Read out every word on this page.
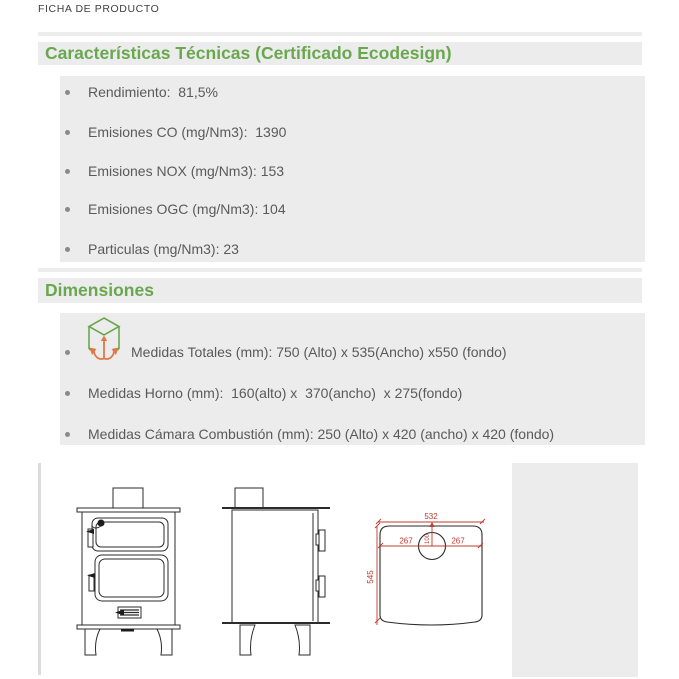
FICHA DE PRODUCTO
Características Técnicas (Certificado Ecodesign)
Rendimiento:  81,5%
Emisiones CO (mg/Nm3):  1390
Emisiones NOX (mg/Nm3): 153
Emisiones OGC (mg/Nm3): 104
Particulas (mg/Nm3): 23
Dimensiones
Medidas Totales (mm): 750 (Alto) x 535(Ancho) x550 (fondo)
Medidas Horno (mm):  160(alto) x  370(ancho)  x 275(fondo)
Medidas Cámara Combustión (mm): 250 (Alto) x 420 (ancho) x 420 (fondo)
532
267	267
545
100
